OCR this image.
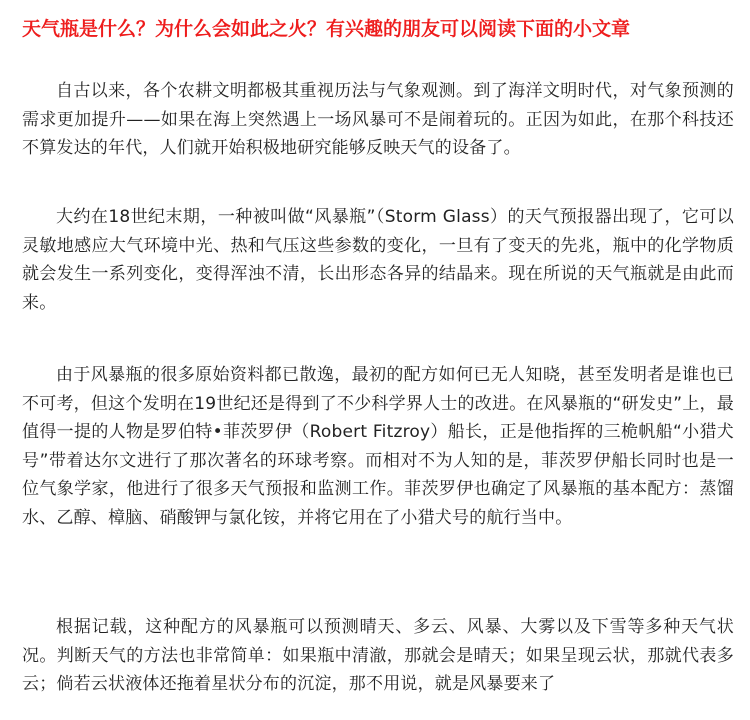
天气瓶是什么？为什么会如此之火？有兴趣的朋友可以阅读下面的小文章

自古以来，各个农耕文明都极其重视历法与气象观测。到了海洋文明时代，对气象预测的需求更加提升——如果在海上突然遇上一场风暴可不是闹着玩的。正因为如此，在那个科技还不算发达的年代，人们就开始积极地研究能够反映天气的设备了。

大约在18世纪末期，一种被叫做“风暴瓶”（Storm Glass）的天气预报器出现了，它可以灵敏地感应大气环境中光、热和气压这些参数的变化，一旦有了变天的先兆，瓶中的化学物质就会发生一系列变化，变得浑浊不清，长出形态各异的结晶来。现在所说的天气瓶就是由此而来。

由于风暴瓶的很多原始资料都已散逸，最初的配方如何已无人知晓，甚至发明者是谁也已不可考，但这个发明在19世纪还是得到了不少科学界人士的改进。在风暴瓶的“研发史”上，最值得一提的人物是罗伯特•菲茨罗伊（Robert Fitzroy）船长，正是他指挥的三桅帆船“小猎犬号”带着达尔文进行了那次著名的环球考察。而相对不为人知的是，菲茨罗伊船长同时也是一位气象学家，他进行了很多天气预报和监测工作。菲茨罗伊也确定了风暴瓶的基本配方：蒸馏水、乙醇、樟脑、硝酸钾与氯化铵，并将它用在了小猎犬号的航行当中。

根据记载，这种配方的风暴瓶可以预测晴天、多云、风暴、大雾以及下雪等多种天气状况。判断天气的方法也非常简单：如果瓶中清澈，那就会是晴天；如果呈现云状，那就代表多云；倘若云状液体还拖着星状分布的沉淀，那不用说，就是风暴要来了
